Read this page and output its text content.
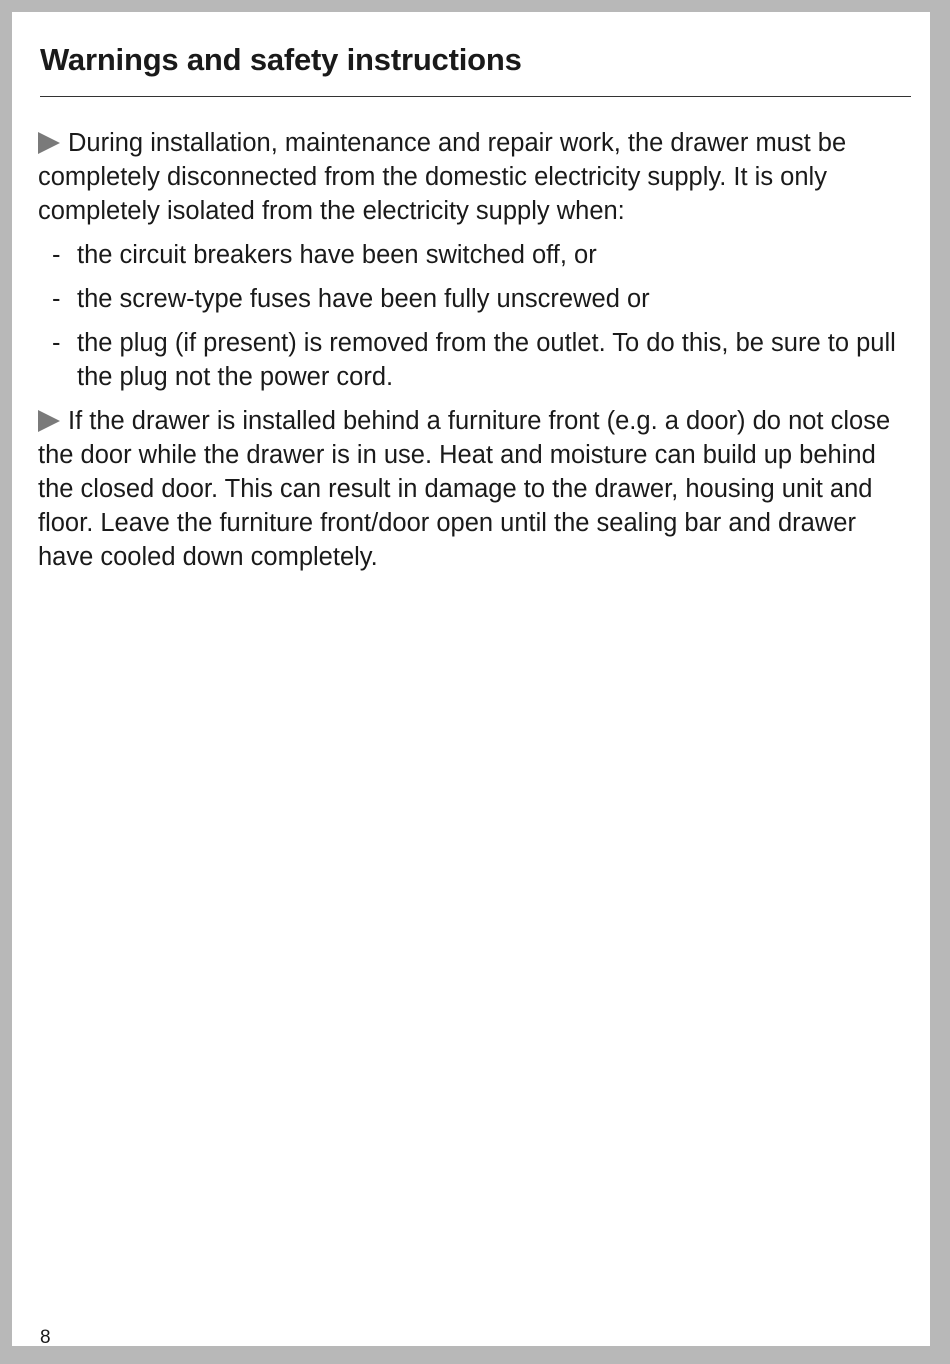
Warnings and safety instructions

During installation, maintenance and repair work, the drawer must be completely disconnected from the domestic electricity supply. It is only completely isolated from the electricity supply when:

- the circuit breakers have been switched off, or
- the screw-type fuses have been fully unscrewed or
- the plug (if present) is removed from the outlet. To do this, be sure to pull the plug not the power cord.

If the drawer is installed behind a furniture front (e.g. a door) do not close the door while the drawer is in use. Heat and moisture can build up behind the closed door. This can result in damage to the drawer, housing unit and floor. Leave the furniture front/door open until the sealing bar and drawer have cooled down completely.

8
